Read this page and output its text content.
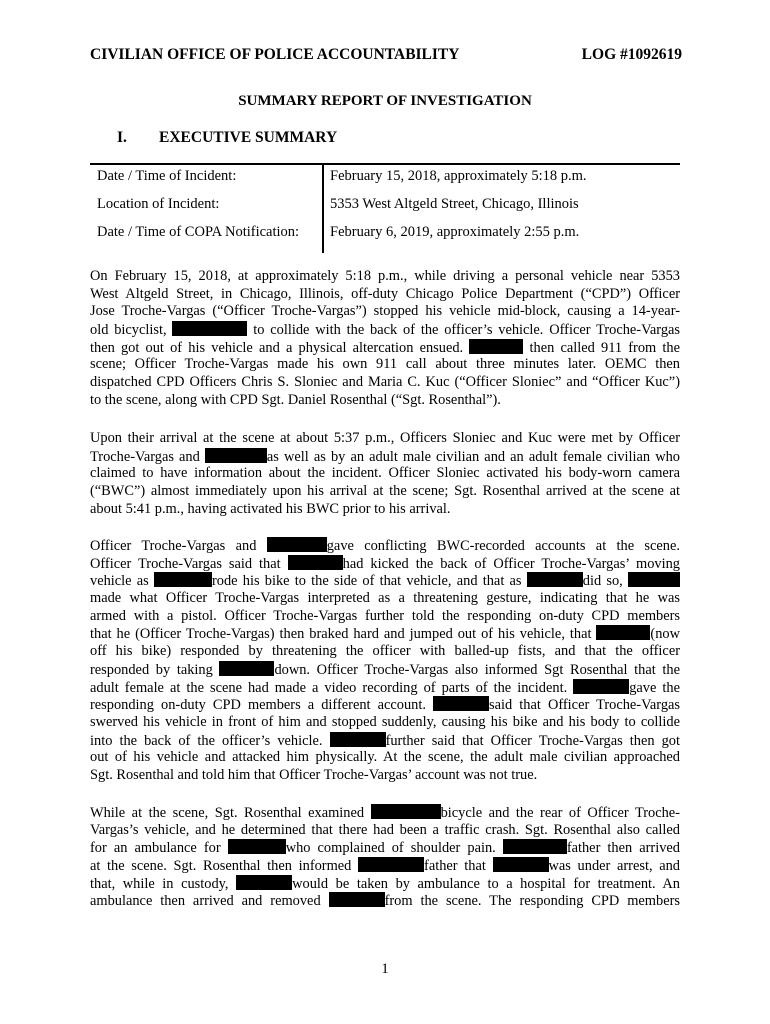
CIVILIAN OFFICE OF POLICE ACCOUNTABILITY	LOG #1092619
SUMMARY REPORT OF INVESTIGATION
I. EXECUTIVE SUMMARY
Date / Time of Incident:	February 15, 2018, approximately 5:18 p.m.
Location of Incident:	5353 West Altgeld Street, Chicago, Illinois
Date / Time of COPA Notification: February 6, 2019, approximately 2:55 p.m.
On February 15, 2018, at approximately 5:18 p.m., while driving a personal vehicle near 5353
West Altgeld Street, in Chicago, Illinois, off-duty Chicago Police Department (“CPD”) Officer
Jose Troche-Vargas (“Officer Troche-Vargas”) stopped his vehicle mid-block, causing a 14-year-
old bicyclist,	to collide with the back of the officer’s vehicle. Officer Troche-Vargas
then got out of his vehicle and a physical altercation ensued.	then called 911 from the
scene; Officer Troche-Vargas made his own 911 call about three minutes later. OEMC then
dispatched CPD Officers Chris S. Sloniec and Maria C. Kuc (“Officer Sloniec” and “Officer Kuc”)
to the scene, along with CPD Sgt. Daniel Rosenthal (“Sgt. Rosenthal”).
Upon their arrival at the scene at about 5:37 p.m., Officers Sloniec and Kuc were met by Officer
Troche-Vargas and	as well as by an adult male civilian and an adult female civilian who
claimed to have information about the incident. Officer Sloniec activated his body-worn camera
(“BWC”) almost immediately upon his arrival at the scene; Sgt. Rosenthal arrived at the scene at
about 5:41 p.m., having activated his BWC prior to his arrival.
Officer Troche-Vargas and	gave conflicting BWC-recorded accounts at the scene.
Officer Troche-Vargas said that	had kicked the back of Officer Troche-Vargas’ moving
vehicle as	rode his bike to the side of that vehicle, and that as	did so,
made what Officer Troche-Vargas interpreted as a threatening gesture, indicating that he was
armed with a pistol. Officer Troche-Vargas further told the responding on-duty CPD members
that he (Officer Troche-Vargas) then braked hard and jumped out of his vehicle, that	(now
off his bike) responded by threatening the officer with balled-up fists, and that the officer
responded by taking	down. Officer Troche-Vargas also informed Sgt Rosenthal that the
adult female at the scene had made a video recording of parts of the incident.	gave the
responding on-duty CPD members a different account.	said that Officer Troche-Vargas
swerved his vehicle in front of him and stopped suddenly, causing his bike and his body to collide
into the back of the officer’s vehicle.	further said that Officer Troche-Vargas then got
out of his vehicle and attacked him physically. At the scene, the adult male civilian approached
Sgt. Rosenthal and told him that Officer Troche-Vargas’ account was not true.
While at the scene, Sgt. Rosenthal examined	bicycle and the rear of Officer Troche-
Vargas’s vehicle, and he determined that there had been a traffic crash. Sgt. Rosenthal also called
for an ambulance for	who complained of shoulder pain.	father then arrived
at the scene. Sgt. Rosenthal then informed	father that	was under arrest, and
that, while in custody,	would be taken by ambulance to a hospital for treatment. An
ambulance then arrived and removed	from the scene. The responding CPD members
1
